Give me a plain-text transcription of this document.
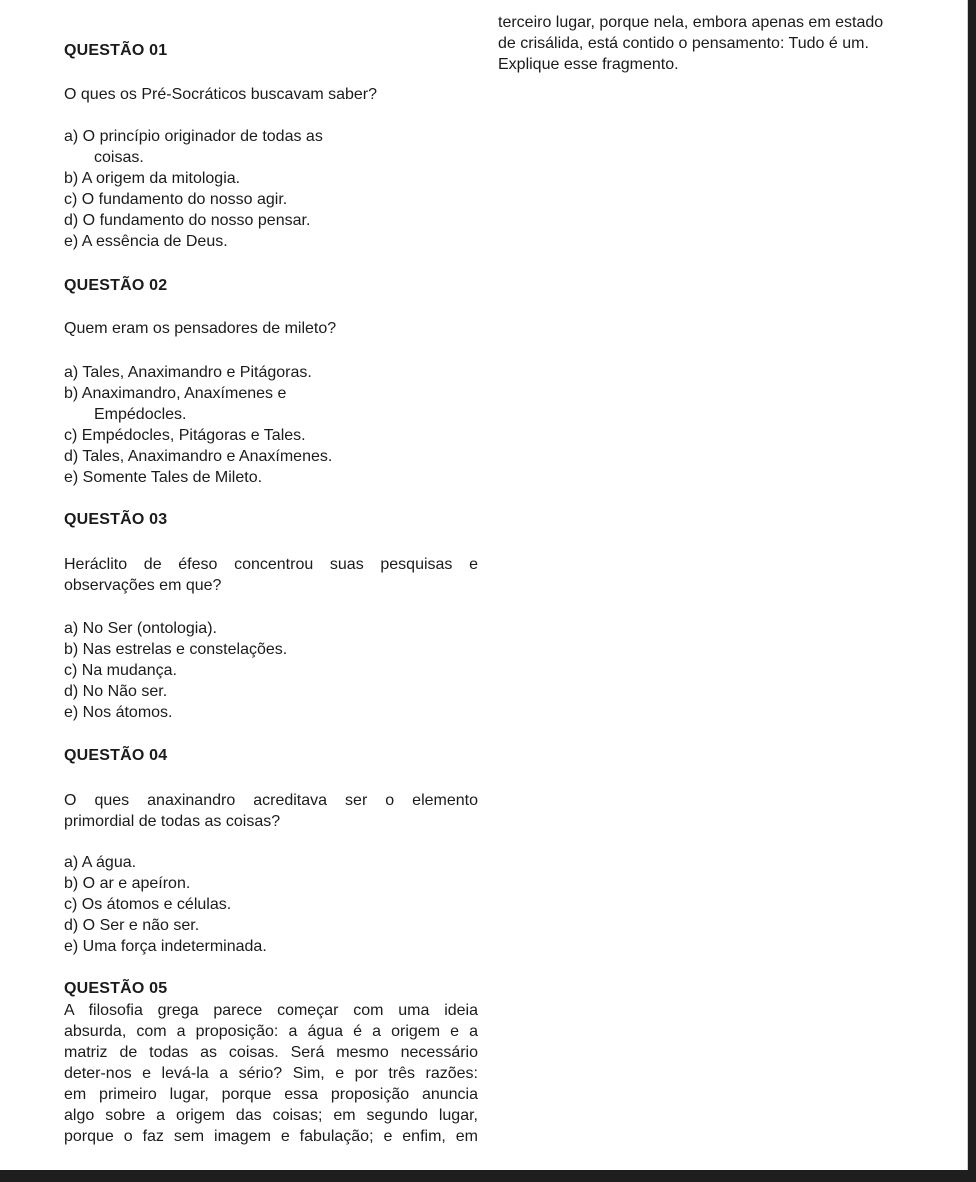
QUESTÃO 01
O ques os Pré-Socráticos buscavam saber?
a) O princípio originador de todas as
coisas.
b) A origem da mitologia.
c) O fundamento do nosso agir.
d) O fundamento do nosso pensar.
e) A essência de Deus.
QUESTÃO 02
Quem eram os pensadores de mileto?
a) Tales, Anaximandro e Pitágoras.
b) Anaximandro, Anaxímenes e
Empédocles.
c) Empédocles, Pitágoras e Tales.
d) Tales, Anaximandro e Anaxímenes.
e) Somente Tales de Mileto.
QUESTÃO 03
Heráclito de éfeso concentrou suas pesquisas e
observações em que?
a) No Ser (ontologia).
b) Nas estrelas e constelações.
c) Na mudança.
d) No Não ser.
e) Nos átomos.
QUESTÃO 04
O ques anaxinandro acreditava ser o elemento
primordial de todas as coisas?
a) A água.
b) O ar e apeíron.
c) Os átomos e células.
d) O Ser e não ser.
e) Uma força indeterminada.
QUESTÃO 05
A filosofia grega parece começar com uma ideia
absurda, com a proposição: a água é a origem e a
matriz de todas as coisas. Será mesmo necessário
deter-nos e levá-la a sério? Sim, e por três razões:
em primeiro lugar, porque essa proposição anuncia
algo sobre a origem das coisas; em segundo lugar,
porque o faz sem imagem e fabulação; e enfim, em
terceiro lugar, porque nela, embora apenas em estado
de crisálida, está contido o pensamento: Tudo é um.
Explique esse fragmento.
